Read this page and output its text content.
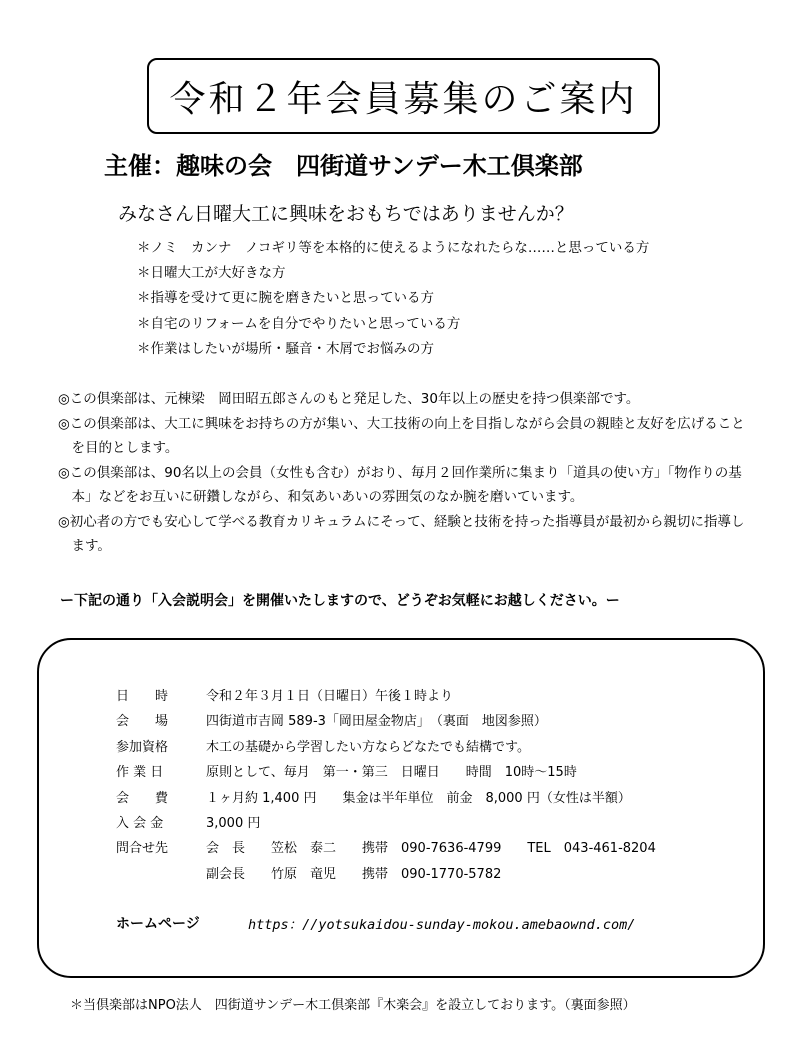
令和２年会員募集のご案内
主催：趣味の会　四街道サンデー木工倶楽部
みなさん日曜大工に興味をおもちではありませんか？
＊ノミ　カンナ　ノコギリ等を本格的に使えるようになれたらな……と思っている方
＊日曜大工が大好きな方
＊指導を受けて更に腕を磨きたいと思っている方
＊自宅のリフォームを自分でやりたいと思っている方
＊作業はしたいが場所・騒音・木屑でお悩みの方

◎この倶楽部は、元棟梁　岡田昭五郎さんのもと発足した、30年以上の歴史を持つ倶楽部です。

◎この倶楽部は、大工に興味をお持ちの方が集い、大工技術の向上を目指しながら会員の親睦と友好を広げることを目的とします。

◎この倶楽部は、90名以上の会員（女性も含む）がおり、毎月２回作業所に集まり「道具の使い方」「物作りの基本」などをお互いに研鑽しながら、和気あいあいの雰囲気のなか腕を磨いています。

◎初心者の方でも安心して学べる教育カリキュラムにそって、経験と技術を持った指導員が最初から親切に指導します。

ー下記の通り「入会説明会」を開催いたしますので、どうぞお気軽にお越しください。ー
日　　時	令和２年３月１日（日曜日）午後１時より
会　　場	四街道市吉岡 589-3「岡田屋金物店」　（裏面　地図参照）
参加資格	木工の基礎から学習したい方ならどなたでも結構です。
作 業 日	原則として、毎月　第一・第三　日曜日　　時間　10時～15時
会　　費	１ヶ月約 1,400 円　　集金は半年単位　前金　8,000 円（女性は半額）
入 会 金	3,000 円
問合せ先	会　長　　笠松　泰二　　携帯　090-7636-4799　　TEL　043-461-8204
副会長　　竹原　竜児　　携帯　090-1770-5782
ホームページ	https：//yotsukaidou-sunday-mokou.amebaownd.com/
＊当倶楽部はNPO法人　四街道サンデー木工倶楽部『木楽会』を設立しております。（裏面参照）
